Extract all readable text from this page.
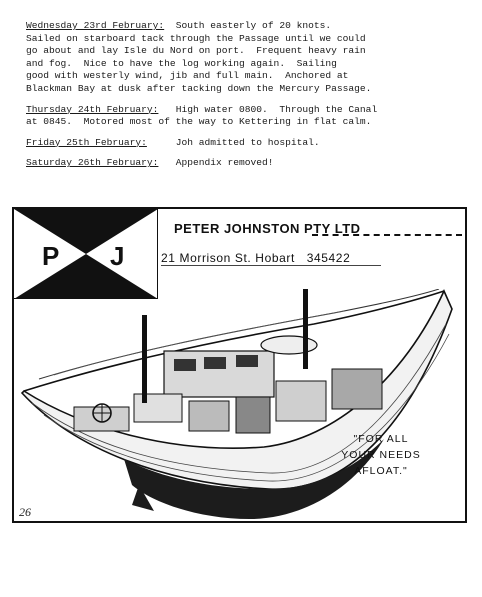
Wednesday 23rd February:  South easterly of 20 knots.

Sailed on starboard tack through the Passage until we could

go about and lay Isle du Nord on port.  Frequent heavy rain

and fog.  Nice to have the log working again.  Sailing

good with westerly wind, jib and full main.  Anchored at

Blackman Bay at dusk after tacking down the Mercury Passage.

Thursday 24th February:   High water 0800.  Through the Canal

at 0845.  Motored most of the way to Kettering in flat calm.

Friday 25th February:     Joh admitted to hospital.

Saturday 26th February:   Appendix removed!

P J
PETER JOHNSTON PTY LTD
21 Morrison St. Hobart   345422
"FOR ALL
YOUR NEEDS
AFLOAT."
26
